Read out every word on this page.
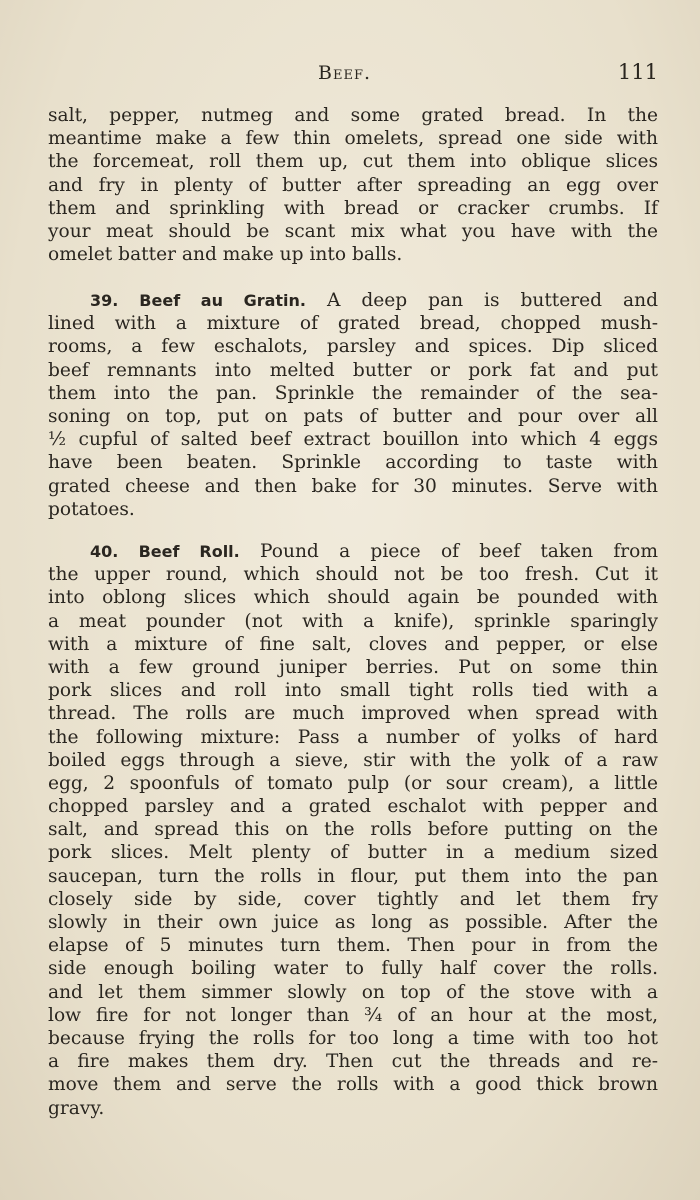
Beef.	111
salt, pepper, nutmeg and some grated bread. In the
meantime make a few thin omelets, spread one side with
the forcemeat, roll them up, cut them into oblique slices
and fry in plenty of butter after spreading an egg over
them and sprinkling with bread or cracker crumbs. If
your meat should be scant mix what you have with the
omelet batter and make up into balls.
39. Beef au Gratin. A deep pan is buttered and
lined with a mixture of grated bread, chopped mush-
rooms, a few eschalots, parsley and spices. Dip sliced
beef remnants into melted butter or pork fat and put
them into the pan. Sprinkle the remainder of the sea-
soning on top, put on pats of butter and pour over all
½ cupful of salted beef extract bouillon into which 4 eggs
have been beaten. Sprinkle according to taste with
grated cheese and then bake for 30 minutes. Serve with
potatoes.
40. Beef Roll. Pound a piece of beef taken from
the upper round, which should not be too fresh. Cut it
into oblong slices which should again be pounded with
a meat pounder (not with a knife), sprinkle sparingly
with a mixture of fine salt, cloves and pepper, or else
with a few ground juniper berries. Put on some thin
pork slices and roll into small tight rolls tied with a
thread. The rolls are much improved when spread with
the following mixture: Pass a number of yolks of hard
boiled eggs through a sieve, stir with the yolk of a raw
egg, 2 spoonfuls of tomato pulp (or sour cream), a little
chopped parsley and a grated eschalot with pepper and
salt, and spread this on the rolls before putting on the
pork slices. Melt plenty of butter in a medium sized
saucepan, turn the rolls in flour, put them into the pan
closely side by side, cover tightly and let them fry
slowly in their own juice as long as possible. After the
elapse of 5 minutes turn them. Then pour in from the
side enough boiling water to fully half cover the rolls.
and let them simmer slowly on top of the stove with a
low fire for not longer than ¾ of an hour at the most,
because frying the rolls for too long a time with too hot
a fire makes them dry. Then cut the threads and re-
move them and serve the rolls with a good thick brown
gravy.
